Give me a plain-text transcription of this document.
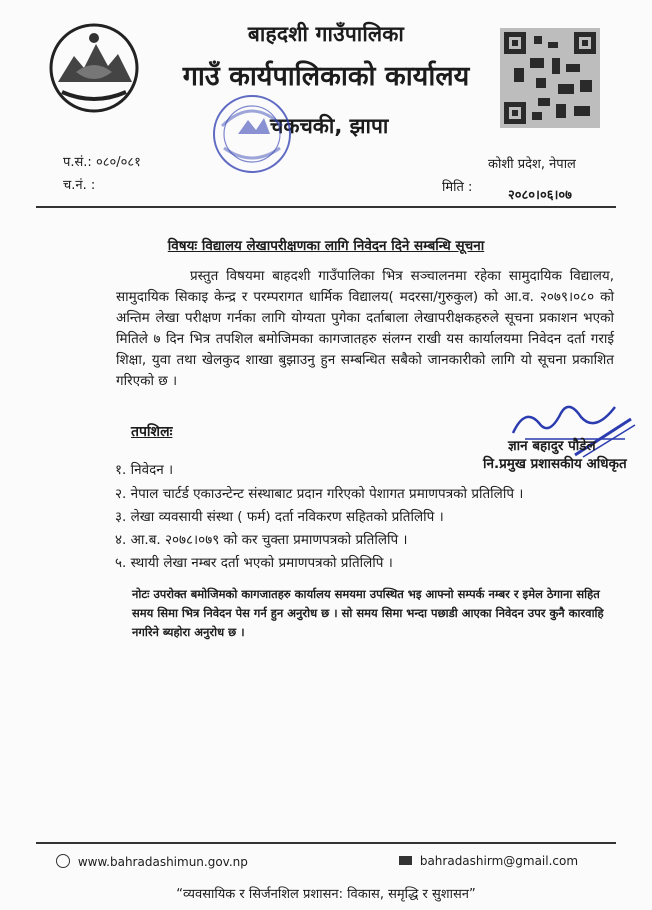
बाहदशी गाउँपालिका
गाउँ कार्यपालिकाको कार्यालय
चकचकी, झापा
प.सं.: ०८०/०८१
च.नं. :
कोशी प्रदेश, नेपाल
मिति :
२०८०।०६।०७
विषयः विद्यालय लेखापरीक्षणका लागि निवेदन दिने सम्बन्धि सूचना
प्रस्तुत विषयमा बाहदशी गाउँपालिका भित्र सञ्चालनमा रहेका सामुदायिक विद्यालय, सामुदायिक सिकाइ केन्द्र र परम्परागत धार्मिक विद्यालय( मदरसा/गुरुकुल) को आ.व. २०७९।०८० को अन्तिम लेखा परीक्षण गर्नका लागि योग्यता पुगेका दर्ताबाला लेखापरीक्षकहरुले सूचना प्रकाशन भएको मितिले ७ दिन भित्र तपशिल बमोजिमका कागजातहरु संलग्न राखी यस कार्यालयमा निवेदन दर्ता गराई शिक्षा, युवा तथा खेलकुद शाखा बुझाउनु हुन सम्बन्धित सबैको जानकारीको लागि यो सूचना प्रकाशित गरिएको छ ।
ज्ञान बहादुर पौडेल
नि.प्रमुख प्रशासकीय अधिकृत
तपशिलः
१. निवेदन ।
२. नेपाल चार्टर्ड एकाउन्टेन्ट संस्थाबाट प्रदान गरिएको पेशागत प्रमाणपत्रको प्रतिलिपि ।
३. लेखा व्यवसायी संस्था ( फर्म) दर्ता नविकरण सहितको प्रतिलिपि ।
४. आ.ब. २०७८।०७९ को कर चुक्ता प्रमाणपत्रको प्रतिलिपि ।
५. स्थायी लेखा नम्बर दर्ता भएको प्रमाणपत्रको प्रतिलिपि ।
नोटः उपरोक्त बमोजिमको कागजातहरु कार्यालय समयमा उपस्थित भइ आफ्नो सम्पर्क नम्बर र इमेल ठेगाना सहित समय सिमा भित्र निवेदन पेस गर्न हुन अनुरोध छ । सो समय सिमा भन्दा पछाडी आएका निवेदन उपर कुनै कारवाहि नगरिने ब्यहोरा अनुरोध छ ।
www.bahradashimun.gov.np	bahradashirm@gmail.com
“व्यवसायिक र सिर्जनशिल प्रशासन: विकास, समृद्धि र सुशासन”
